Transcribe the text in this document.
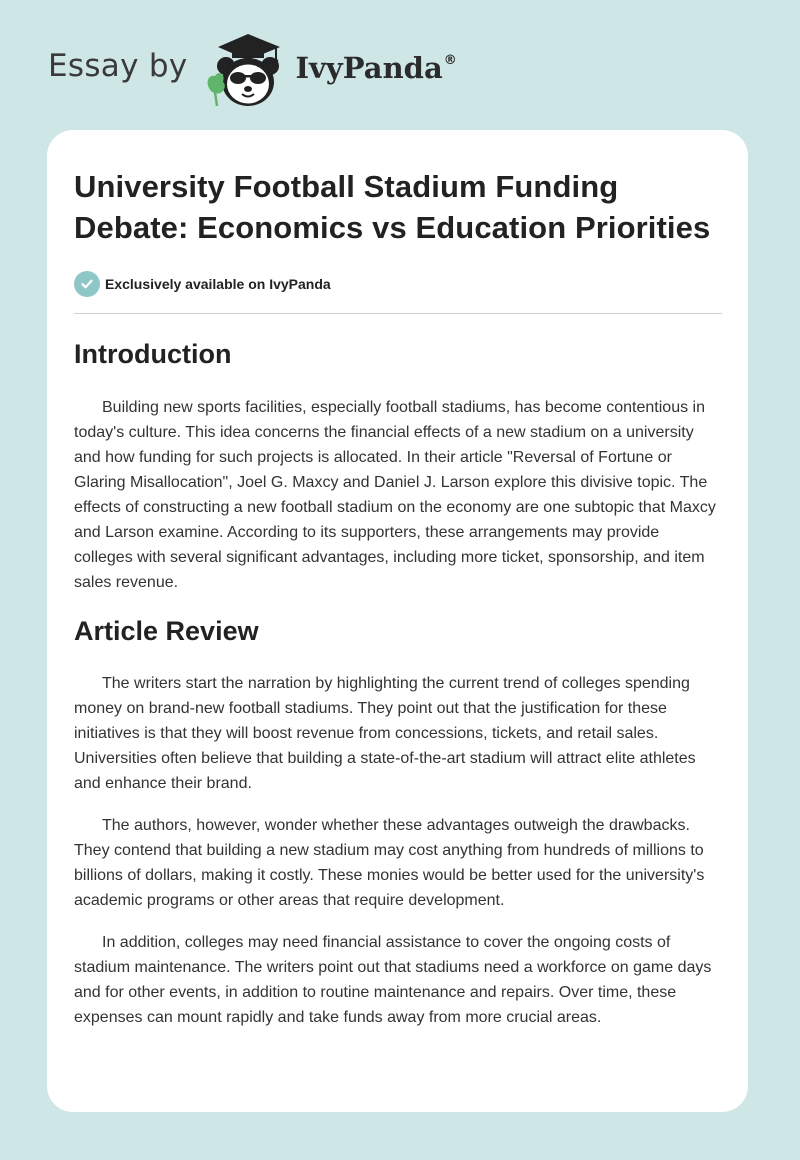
Essay by	IvyPanda®
University Football Stadium Funding Debate: Economics vs Education Priorities
Exclusively available on IvyPanda
Introduction

Building new sports facilities, especially football stadiums, has become contentious in today's culture. This idea concerns the financial effects of a new stadium on a university and how funding for such projects is allocated. In their article "Reversal of Fortune or Glaring Misallocation", Joel G. Maxcy and Daniel J. Larson explore this divisive topic. The effects of constructing a new football stadium on the economy are one subtopic that Maxcy and Larson examine. According to its supporters, these arrangements may provide colleges with several significant advantages, including more ticket, sponsorship, and item sales revenue.

Article Review

The writers start the narration by highlighting the current trend of colleges spending money on brand-new football stadiums. They point out that the justification for these initiatives is that they will boost revenue from concessions, tickets, and retail sales. Universities often believe that building a state-of-the-art stadium will attract elite athletes and enhance their brand.

The authors, however, wonder whether these advantages outweigh the drawbacks. They contend that building a new stadium may cost anything from hundreds of millions to billions of dollars, making it costly. These monies would be better used for the university's academic programs or other areas that require development.

In addition, colleges may need financial assistance to cover the ongoing costs of stadium maintenance. The writers point out that stadiums need a workforce on game days and for other events, in addition to routine maintenance and repairs. Over time, these expenses can mount rapidly and take funds away from more crucial areas.
